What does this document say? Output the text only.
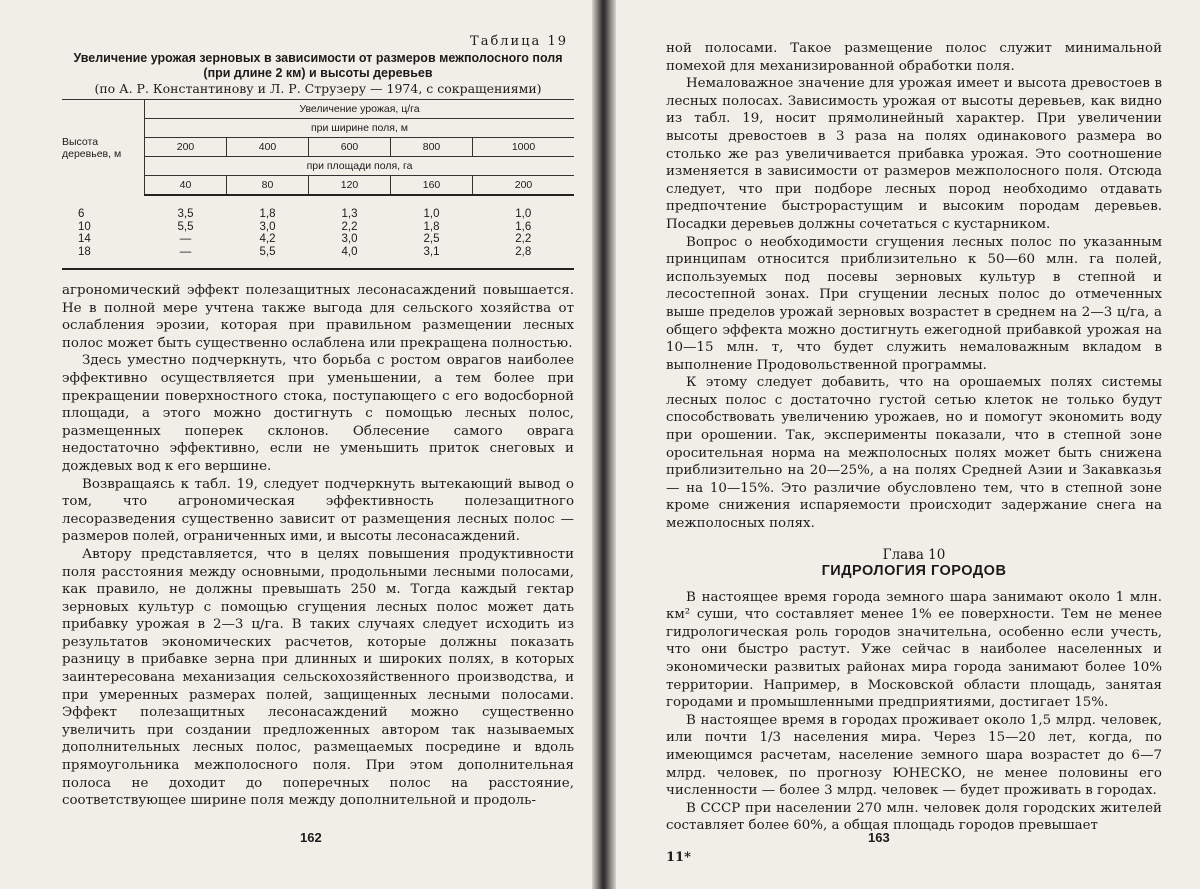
Таблица 19
Увеличение урожая зерновых в зависимости от размеров межполосного поля
(при длине 2 км) и высоты деревьев
(по А. Р. Константинову и Л. Р. Струзеру — 1974, с сокращениями)
Высота деревьев, м	Увеличение урожая, ц/га				
	при ширине поля, м				
	200	400	600	800	1000
	при площади поля, га				
	40	80	120	160	200
6	3,5	1,8	1,3	1,0	1,0
10	5,5	3,0	2,2	1,8	1,6
14	—	4,2	3,0	2,5	2,2
18	—	5,5	4,0	3,1	2,8

агрономический эффект полезащитных лесонасаждений повышается. Не в полной мере учтена также выгода для сельского хозяйства от ослабления эрозии, которая при правильном размещении лесных полос может быть существенно ослаблена или прекращена полностью.

Здесь уместно подчеркнуть, что борьба с ростом оврагов наиболее эффективно осуществляется при уменьшении, а тем более при прекращении поверхностного стока, поступающего с его водосборной площади, а этого можно достигнуть с помощью лесных полос, размещенных поперек склонов. Облесение самого оврага недостаточно эффективно, если не уменьшить приток снеговых и дождевых вод к его вершине.

Возвращаясь к табл. 19, следует подчеркнуть вытекающий вывод о том, что агрономическая эффективность полезащитного лесоразведения существенно зависит от размещения лесных полос — размеров полей, ограниченных ими, и высоты лесонасаждений.

Автору представляется, что в целях повышения продуктивности поля расстояния между основными, продольными лесными полосами, как правило, не должны превышать 250 м. Тогда каждый гектар зерновых культур с помощью сгущения лесных полос может дать прибавку урожая в 2—3 ц/га. В таких случаях следует исходить из результатов экономических расчетов, которые должны показать разницу в прибавке зерна при длинных и широких полях, в которых заинтересована механизация сельскохозяйственного производства, и при умеренных размерах полей, защищенных лесными полосами. Эффект полезащитных лесонасаждений можно существенно увеличить при создании предложенных автором так называемых дополнительных лесных полос, размещаемых посредине и вдоль прямоугольника межполосного поля. При этом дополнительная полоса не доходит до поперечных полос на расстояние, соответствующее ширине поля между дополнительной и продоль-

162

ной полосами. Такое размещение полос служит минимальной помехой для механизированной обработки поля.

Немаловажное значение для урожая имеет и высота древостоев в лесных полосах. Зависимость урожая от высоты деревьев, как видно из табл. 19, носит прямолинейный характер. При увеличении высоты древостоев в 3 раза на полях одинакового размера во столько же раз увеличивается прибавка урожая. Это соотношение изменяется в зависимости от размеров межполосного поля. Отсюда следует, что при подборе лесных пород необходимо отдавать предпочтение быстрорастущим и высоким породам деревьев. Посадки деревьев должны сочетаться с кустарником.

Вопрос о необходимости сгущения лесных полос по указанным принципам относится приблизительно к 50—60 млн. га полей, используемых под посевы зерновых культур в степной и лесостепной зонах. При сгущении лесных полос до отмеченных выше пределов урожай зерновых возрастет в среднем на 2—3 ц/га, а общего эффекта можно достигнуть ежегодной прибавкой урожая на 10—15 млн. т, что будет служить немаловажным вкладом в выполнение Продовольственной программы.

К этому следует добавить, что на орошаемых полях системы лесных полос с достаточно густой сетью клеток не только будут способствовать увеличению урожаев, но и помогут экономить воду при орошении. Так, эксперименты показали, что в степной зоне оросительная норма на межполосных полях может быть снижена приблизительно на 20—25%, а на полях Средней Азии и Закавказья — на 10—15%. Это различие обусловлено тем, что в степной зоне кроме снижения испаряемости происходит задержание снега на межполосных полях.

Глава 10
ГИДРОЛОГИЯ ГОРОДОВ

В настоящее время города земного шара занимают около 1 млн. км² суши, что составляет менее 1% ее поверхности. Тем не менее гидрологическая роль городов значительна, особенно если учесть, что они быстро растут. Уже сейчас в наиболее населенных и экономически развитых районах мира города занимают более 10% территории. Например, в Московской области площадь, занятая городами и промышленными предприятиями, достигает 15%.

В настоящее время в городах проживает около 1,5 млрд. человек, или почти 1/3 населения мира. Через 15—20 лет, когда, по имеющимся расчетам, население земного шара возрастет до 6—7 млрд. человек, по прогнозу ЮНЕСКО, не менее половины его численности — более 3 млрд. человек — будет проживать в городах.

В СССР при населении 270 млн. человек доля городских жителей составляет более 60%, а общая площадь городов превышает

11*
163
